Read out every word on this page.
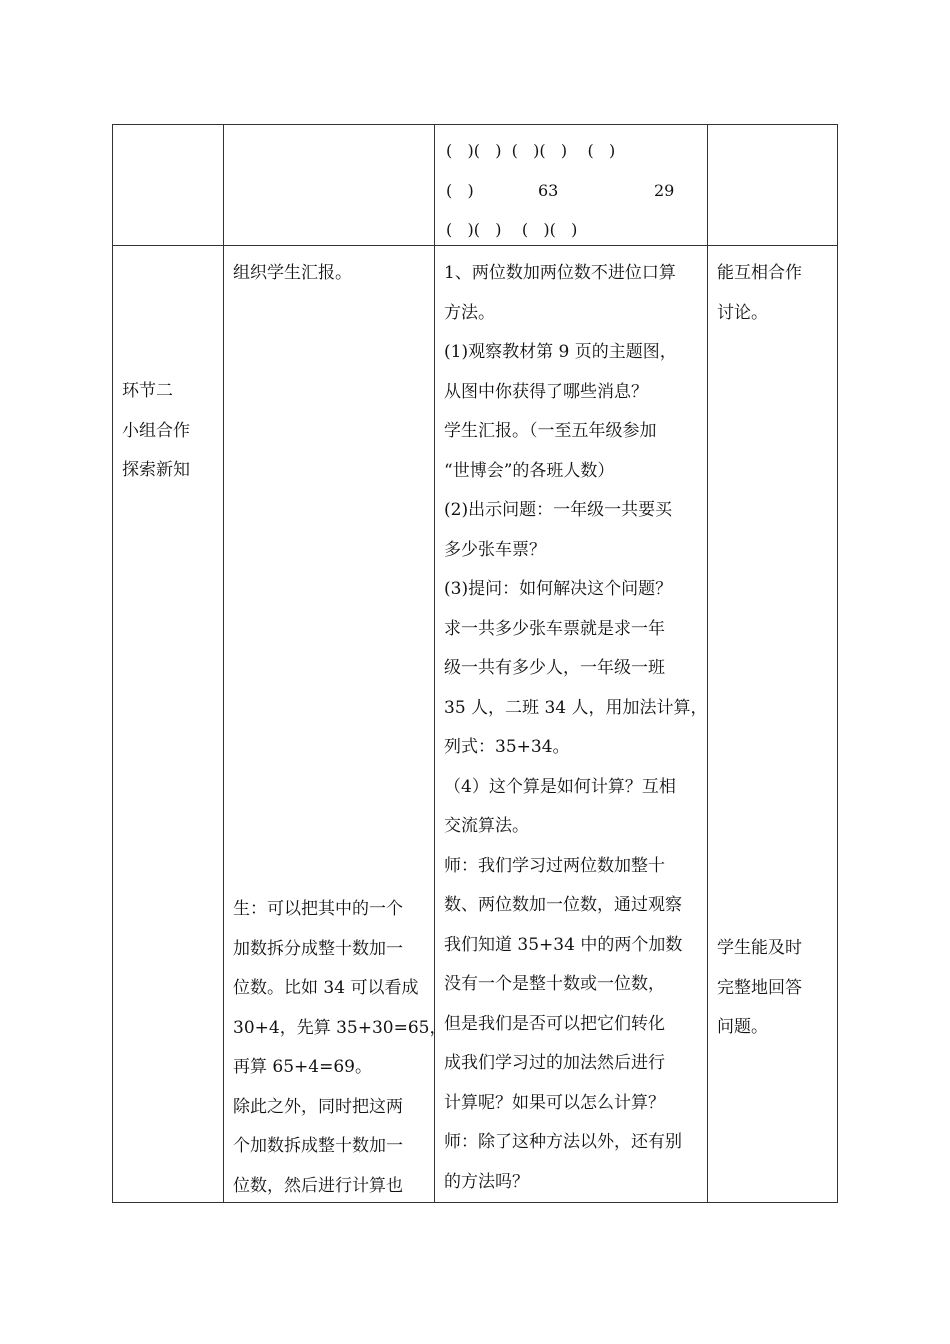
(   )(   )  (   )(   )    (   )
(   )	63	29
(   )(   )    (   )(   )
环节二
小组合作
探索新知
组织学生汇报。
生：可以把其中的一个
加数拆分成整十数加一
位数。比如 34 可以看成
30+4，先算 35+30=65，
再算 65+4=69。
除此之外，同时把这两
个加数拆成整十数加一
位数，然后进行计算也
1、两位数加两位数不进位口算
方法。
(1)观察教材第 9 页的主题图，
从图中你获得了哪些消息？
学生汇报。（一至五年级参加
“世博会”的各班人数）
(2)出示问题：一年级一共要买
多少张车票？
(3)提问：如何解决这个问题？
求一共多少张车票就是求一年
级一共有多少人，一年级一班
35 人，二班 34 人，用加法计算，
列式：35+34。
（4）这个算是如何计算？互相
交流算法。
师：我们学习过两位数加整十
数、两位数加一位数，通过观察
我们知道 35+34 中的两个加数
没有一个是整十数或一位数，
但是我们是否可以把它们转化
成我们学习过的加法然后进行
计算呢？如果可以怎么计算？
师：除了这种方法以外，还有别
的方法吗？
能互相合作
讨论。
学生能及时
完整地回答
问题。
